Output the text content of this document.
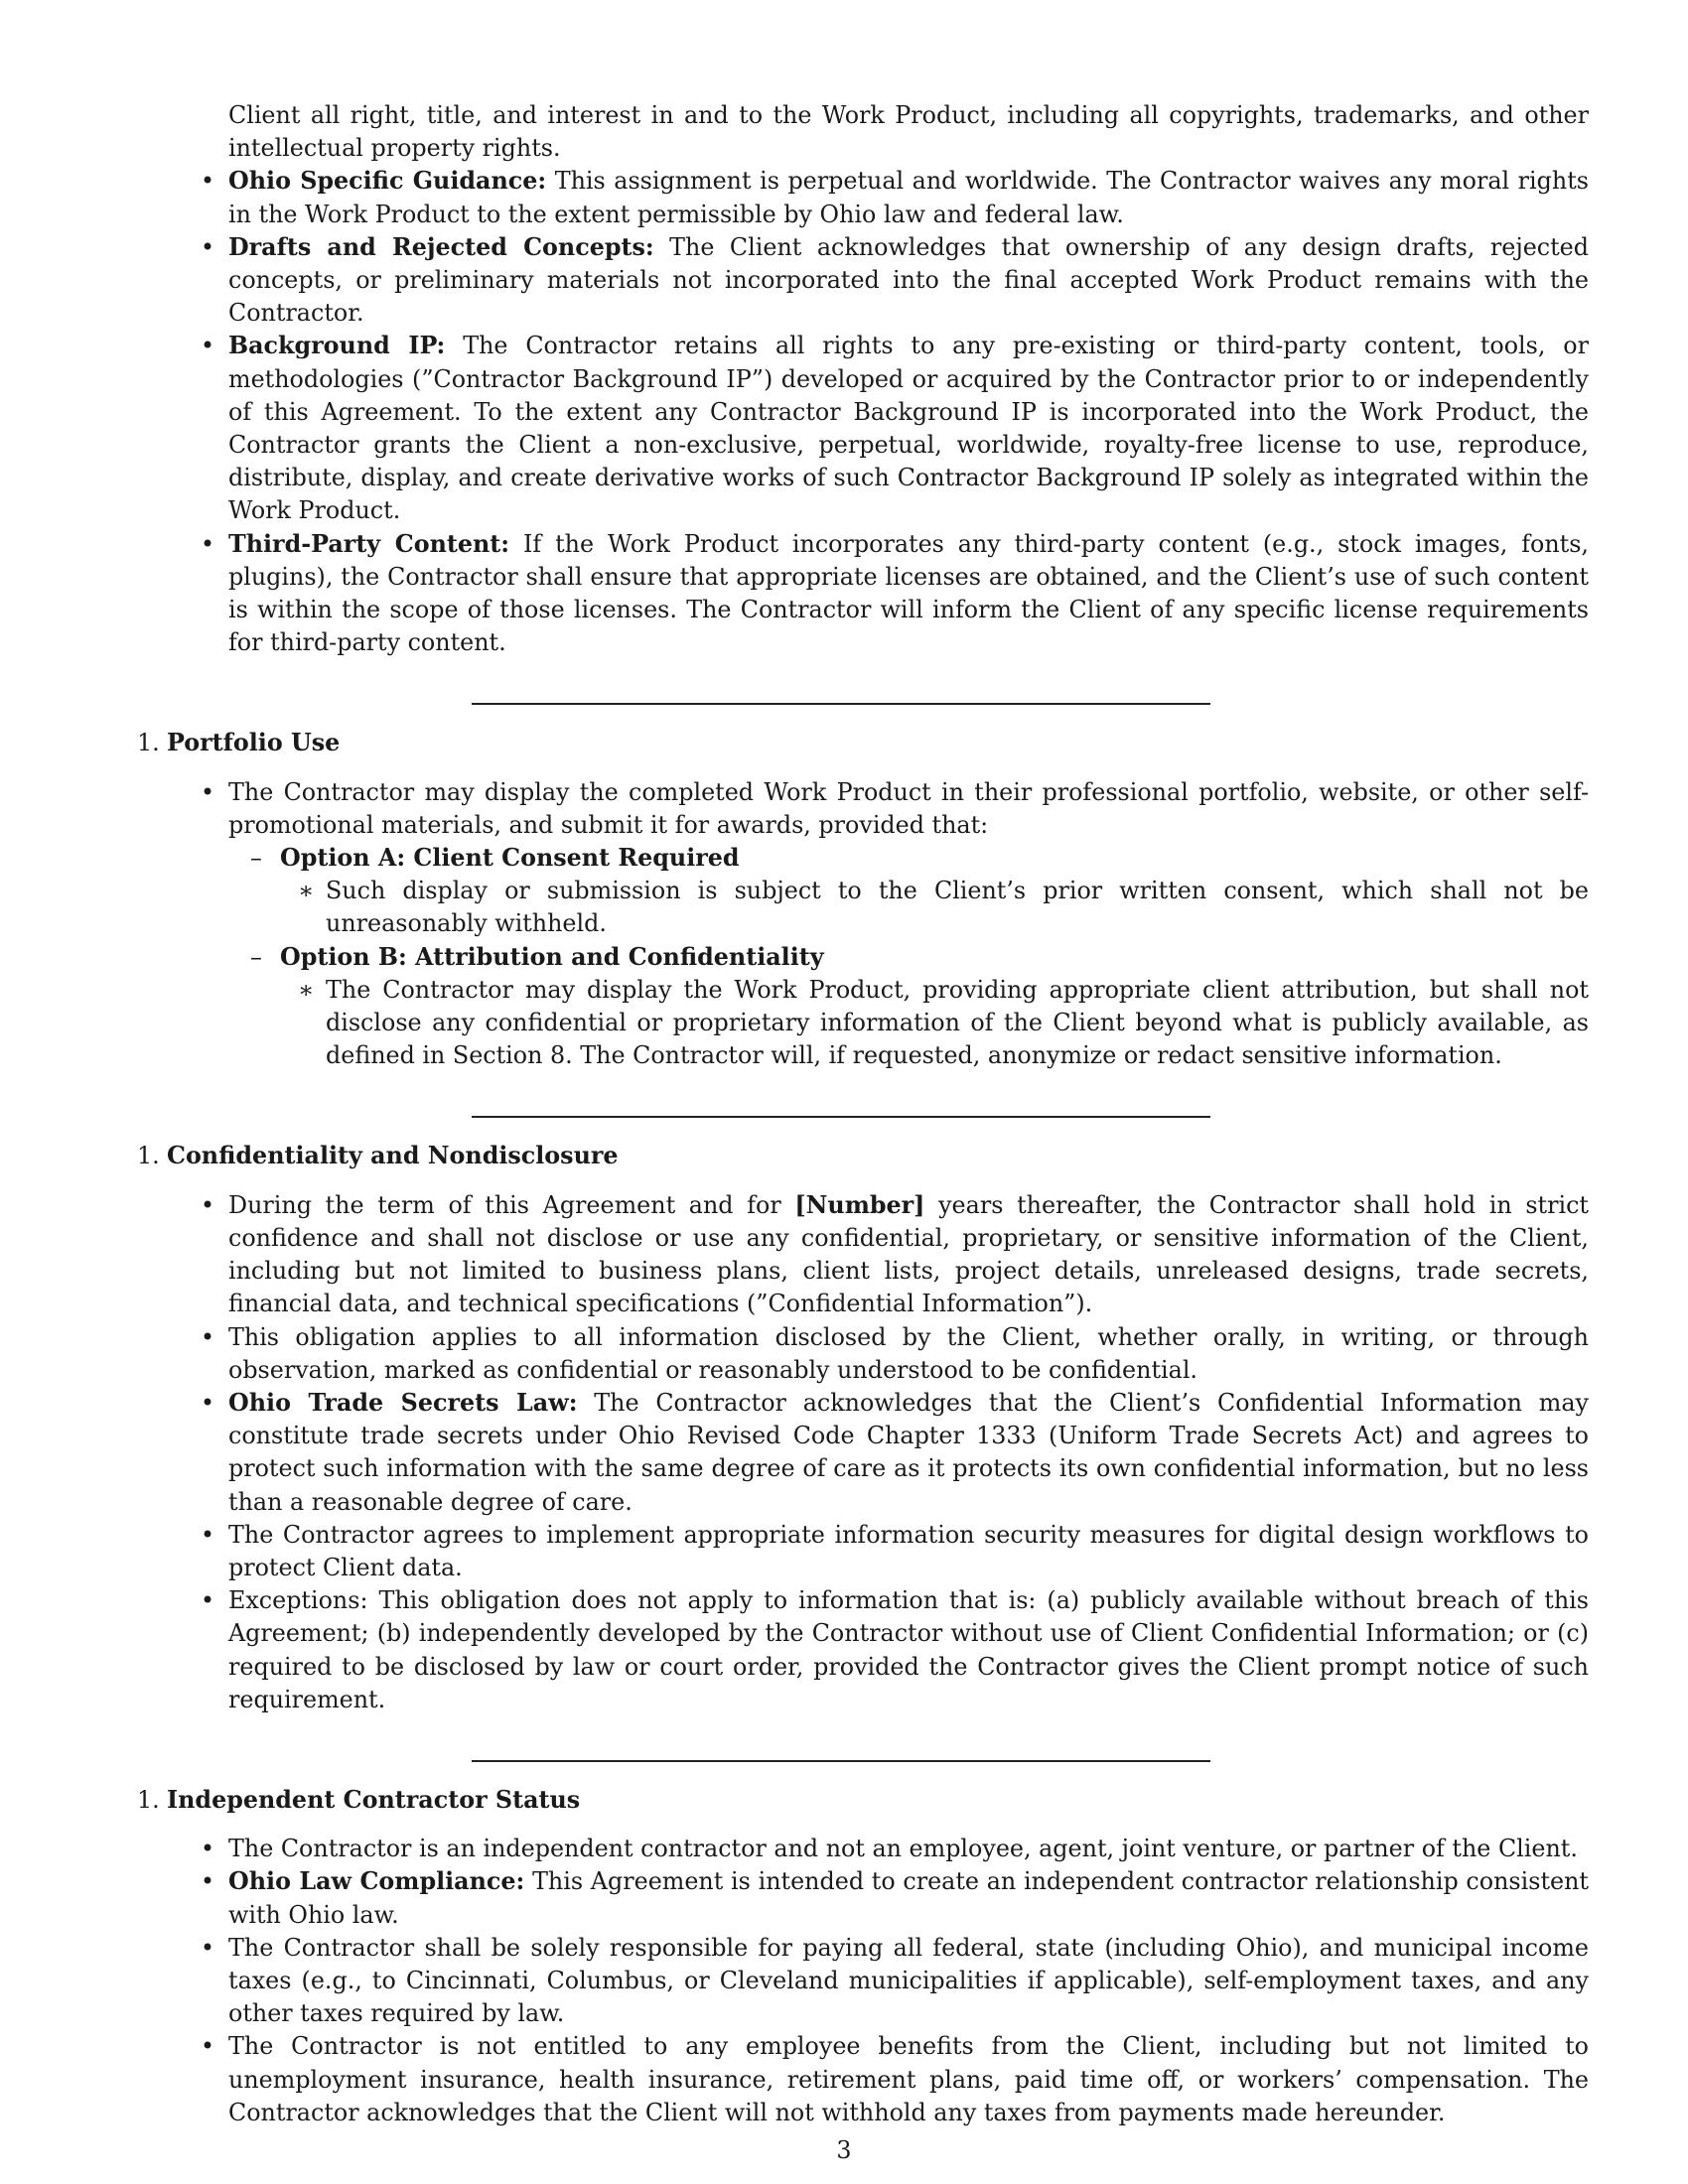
Client all right, title, and interest in and to the Work Product, including all copyrights, trademarks, and other intellectual property rights.
• Ohio Specific Guidance: This assignment is perpetual and worldwide. The Contractor waives any moral rights in the Work Product to the extent permissible by Ohio law and federal law.
• Drafts and Rejected Concepts: The Client acknowledges that ownership of any design drafts, rejected concepts, or preliminary materials not incorporated into the final accepted Work Product remains with the Contractor.
• Background IP: The Contractor retains all rights to any pre-existing or third-party content, tools, or methodologies (”Contractor Background IP”) developed or acquired by the Contractor prior to or independently of this Agreement. To the extent any Contractor Background IP is incorporated into the Work Product, the Contractor grants the Client a non-exclusive, perpetual, worldwide, royalty-free license to use, reproduce, distribute, display, and create derivative works of such Contractor Background IP solely as integrated within the Work Product.
• Third-Party Content: If the Work Product incorporates any third-party content (e.g., stock images, fonts, plugins), the Contractor shall ensure that appropriate licenses are obtained, and the Client’s use of such content is within the scope of those licenses. The Contractor will inform the Client of any specific license requirements for third-party content.
1. Portfolio Use
• The Contractor may display the completed Work Product in their professional portfolio, website, or other self-promotional materials, and submit it for awards, provided that:
– Option A: Client Consent Required
∗ Such display or submission is subject to the Client’s prior written consent, which shall not be unreasonably withheld.
– Option B: Attribution and Confidentiality
∗ The Contractor may display the Work Product, providing appropriate client attribution, but shall not disclose any confidential or proprietary information of the Client beyond what is publicly available, as defined in Section 8. The Contractor will, if requested, anonymize or redact sensitive information.
1. Confidentiality and Nondisclosure
• During the term of this Agreement and for [Number] years thereafter, the Contractor shall hold in strict confidence and shall not disclose or use any confidential, proprietary, or sensitive information of the Client, including but not limited to business plans, client lists, project details, unreleased designs, trade secrets, financial data, and technical specifications (”Confidential Information”).
• This obligation applies to all information disclosed by the Client, whether orally, in writing, or through observation, marked as confidential or reasonably understood to be confidential.
• Ohio Trade Secrets Law: The Contractor acknowledges that the Client’s Confidential Information may constitute trade secrets under Ohio Revised Code Chapter 1333 (Uniform Trade Secrets Act) and agrees to protect such information with the same degree of care as it protects its own confidential information, but no less than a reasonable degree of care.
• The Contractor agrees to implement appropriate information security measures for digital design workflows to protect Client data.
• Exceptions: This obligation does not apply to information that is: (a) publicly available without breach of this Agreement; (b) independently developed by the Contractor without use of Client Confidential Information; or (c) required to be disclosed by law or court order, provided the Contractor gives the Client prompt notice of such requirement.
1. Independent Contractor Status
• The Contractor is an independent contractor and not an employee, agent, joint venture, or partner of the Client.
• Ohio Law Compliance: This Agreement is intended to create an independent contractor relationship consistent with Ohio law.
• The Contractor shall be solely responsible for paying all federal, state (including Ohio), and municipal income taxes (e.g., to Cincinnati, Columbus, or Cleveland municipalities if applicable), self-employment taxes, and any other taxes required by law.
• The Contractor is not entitled to any employee benefits from the Client, including but not limited to unemployment insurance, health insurance, retirement plans, paid time off, or workers’ compensation. The Contractor acknowledges that the Client will not withhold any taxes from payments made hereunder.
3
